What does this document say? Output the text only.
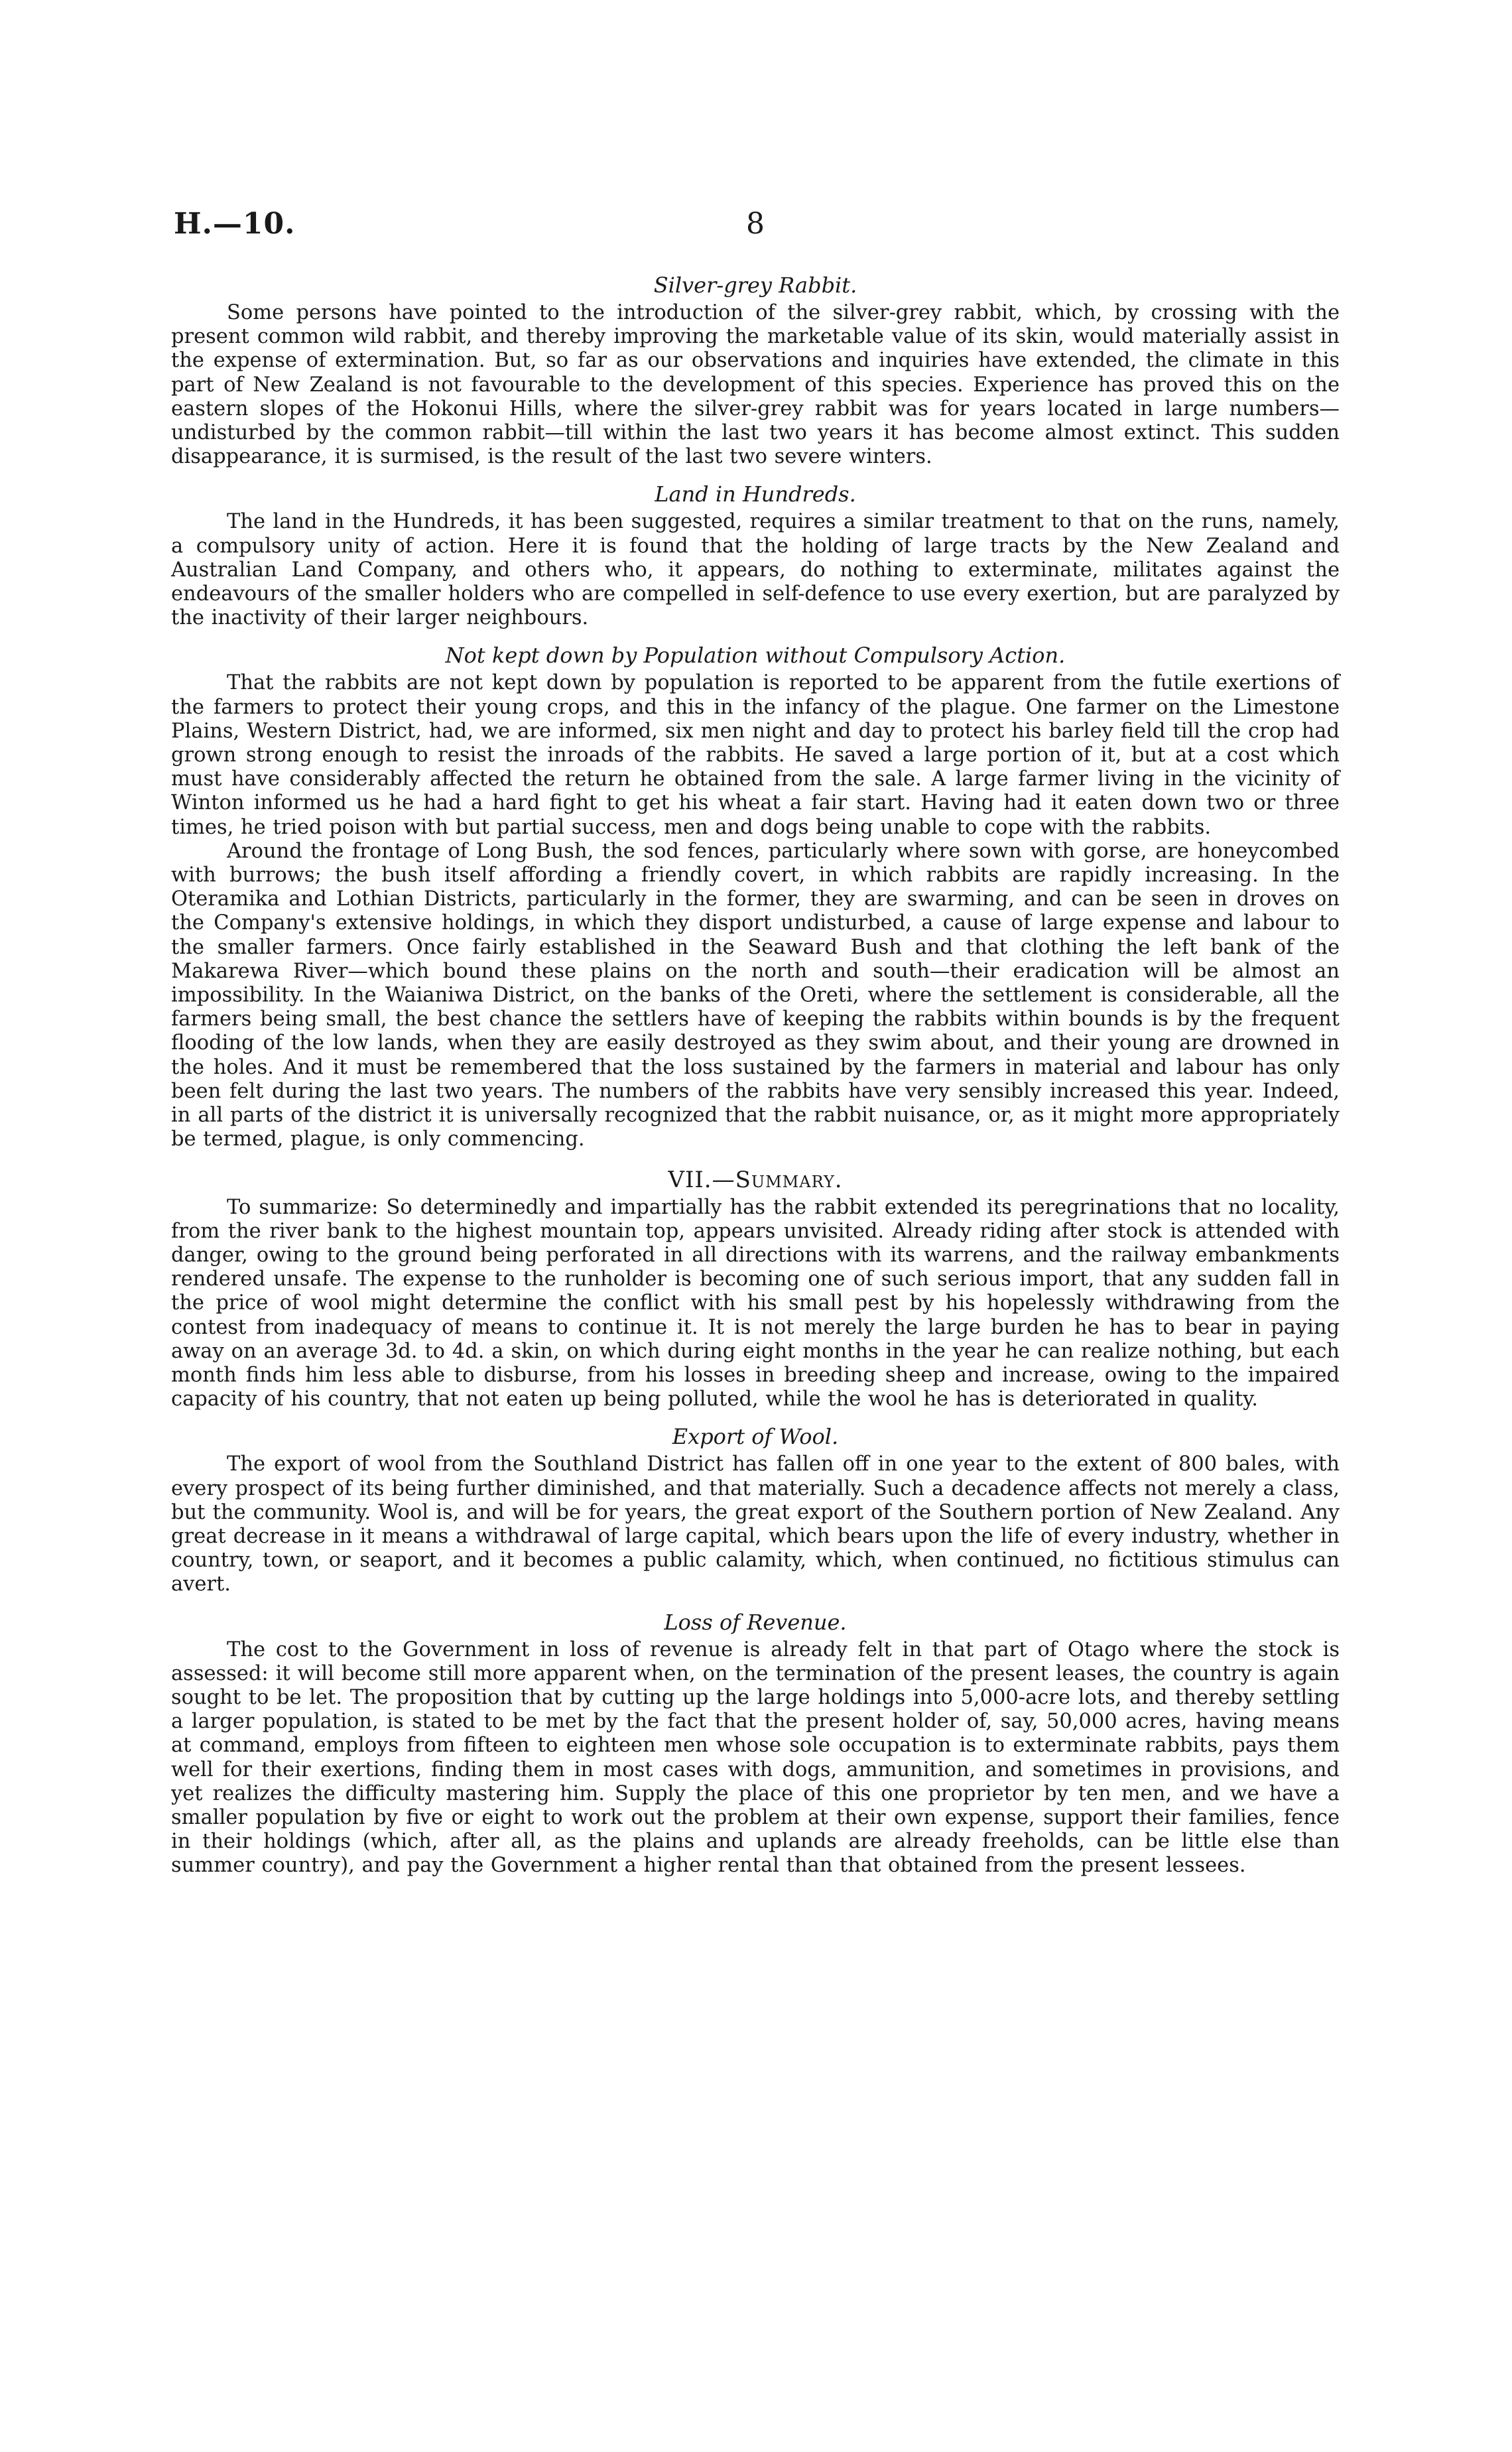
H.—10.	8
Silver-grey Rabbit.

Some persons have pointed to the introduction of the silver-grey rabbit, which, by crossing with the present common wild rabbit, and thereby improving the marketable value of its skin, would materially assist in the expense of extermination. But, so far as our observations and inquiries have extended, the climate in this part of New Zealand is not favourable to the development of this species. Experience has proved this on the eastern slopes of the Hokonui Hills, where the silver-grey rabbit was for years located in large numbers—undisturbed by the common rabbit—till within the last two years it has become almost extinct. This sudden disappearance, it is surmised, is the result of the last two severe winters.

Land in Hundreds.

The land in the Hundreds, it has been suggested, requires a similar treatment to that on the runs, namely, a compulsory unity of action. Here it is found that the holding of large tracts by the New Zealand and Australian Land Company, and others who, it appears, do nothing to exterminate, militates against the endeavours of the smaller holders who are compelled in self-defence to use every exertion, but are paralyzed by the inactivity of their larger neighbours.

Not kept down by Population without Compulsory Action.

That the rabbits are not kept down by population is reported to be apparent from the futile exertions of the farmers to protect their young crops, and this in the infancy of the plague. One farmer on the Limestone Plains, Western District, had, we are informed, six men night and day to protect his barley field till the crop had grown strong enough to resist the inroads of the rabbits. He saved a large portion of it, but at a cost which must have considerably affected the return he obtained from the sale. A large farmer living in the vicinity of Winton informed us he had a hard fight to get his wheat a fair start. Having had it eaten down two or three times, he tried poison with but partial success, men and dogs being unable to cope with the rabbits.

Around the frontage of Long Bush, the sod fences, particularly where sown with gorse, are honeycombed with burrows; the bush itself affording a friendly covert, in which rabbits are rapidly increasing. In the Oteramika and Lothian Districts, particularly in the former, they are swarming, and can be seen in droves on the Company's extensive holdings, in which they disport undisturbed, a cause of large expense and labour to the smaller farmers. Once fairly established in the Seaward Bush and that clothing the left bank of the Makarewa River—which bound these plains on the north and south—their eradication will be almost an impossibility. In the Waianiwa District, on the banks of the Oreti, where the settlement is considerable, all the farmers being small, the best chance the settlers have of keeping the rabbits within bounds is by the frequent flooding of the low lands, when they are easily destroyed as they swim about, and their young are drowned in the holes. And it must be remembered that the loss sustained by the farmers in material and labour has only been felt during the last two years. The numbers of the rabbits have very sensibly increased this year. Indeed, in all parts of the district it is universally recognized that the rabbit nuisance, or, as it might more appropriately be termed, plague, is only commencing.

VII.—Summary.

To summarize: So determinedly and impartially has the rabbit extended its peregrinations that no locality, from the river bank to the highest mountain top, appears unvisited. Already riding after stock is attended with danger, owing to the ground being perforated in all directions with its warrens, and the railway embankments rendered unsafe. The expense to the runholder is becoming one of such serious import, that any sudden fall in the price of wool might determine the conflict with his small pest by his hopelessly withdrawing from the contest from inadequacy of means to continue it. It is not merely the large burden he has to bear in paying away on an average 3d. to 4d. a skin, on which during eight months in the year he can realize nothing, but each month finds him less able to disburse, from his losses in breeding sheep and increase, owing to the impaired capacity of his country, that not eaten up being polluted, while the wool he has is deteriorated in quality.

Export of Wool.

The export of wool from the Southland District has fallen off in one year to the extent of 800 bales, with every prospect of its being further diminished, and that materially. Such a decadence affects not merely a class, but the community. Wool is, and will be for years, the great export of the Southern portion of New Zealand. Any great decrease in it means a withdrawal of large capital, which bears upon the life of every industry, whether in country, town, or seaport, and it becomes a public calamity, which, when continued, no fictitious stimulus can avert.

Loss of Revenue.

The cost to the Government in loss of revenue is already felt in that part of Otago where the stock is assessed: it will become still more apparent when, on the termination of the present leases, the country is again sought to be let. The proposition that by cutting up the large holdings into 5,000-acre lots, and thereby settling a larger population, is stated to be met by the fact that the present holder of, say, 50,000 acres, having means at command, employs from fifteen to eighteen men whose sole occupation is to exterminate rabbits, pays them well for their exertions, finding them in most cases with dogs, ammunition, and sometimes in provisions, and yet realizes the difficulty mastering him. Supply the place of this one proprietor by ten men, and we have a smaller population by five or eight to work out the problem at their own expense, support their families, fence in their holdings (which, after all, as the plains and uplands are already freeholds, can be little else than summer country), and pay the Government a higher rental than that obtained from the present lessees.
